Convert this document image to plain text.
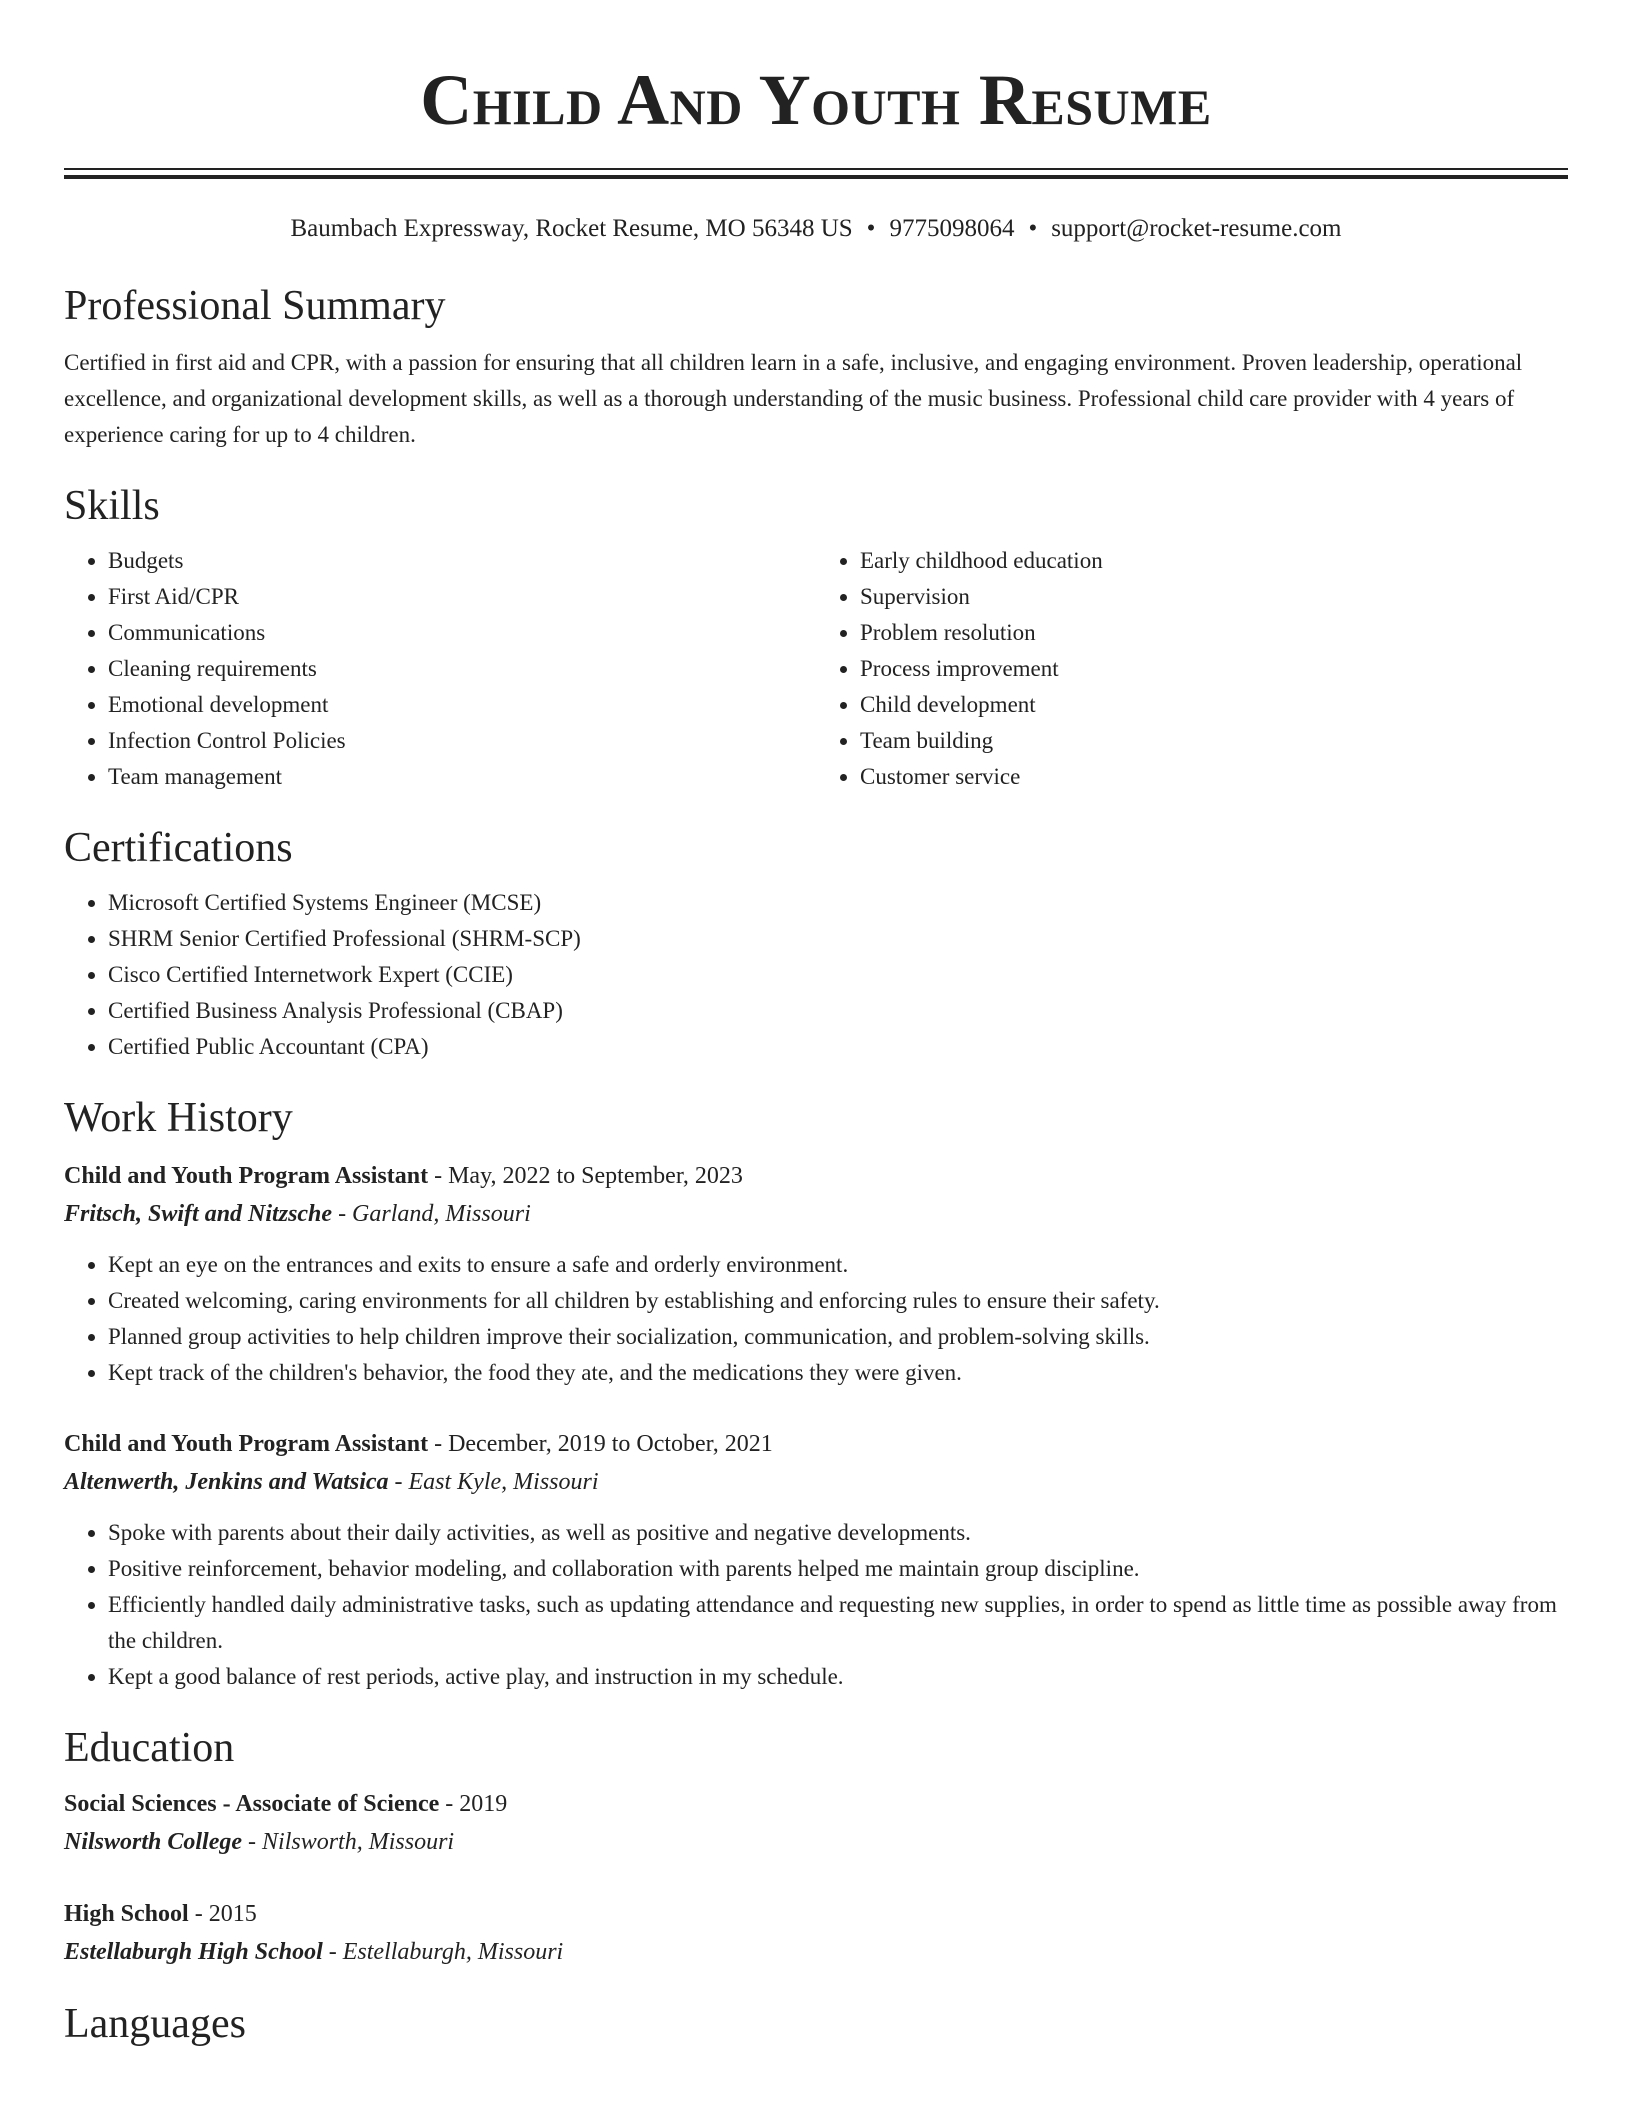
Child And Youth Resume
Baumbach Expressway, Rocket Resume, MO 56348 US • 9775098064 • support@rocket-resume.com
Professional Summary

Certified in first aid and CPR, with a passion for ensuring that all children learn in a safe, inclusive, and engaging environment. Proven leadership, operational excellence, and organizational development skills, as well as a thorough understanding of the music business. Professional child care provider with 4 years of experience caring for up to 4 children.

Skills
• Budgets
• First Aid/CPR
• Communications
• Cleaning requirements
• Emotional development
• Infection Control Policies
• Team management
• Early childhood education
• Supervision
• Problem resolution
• Process improvement
• Child development
• Team building
• Customer service
Certifications
• Microsoft Certified Systems Engineer (MCSE)
• SHRM Senior Certified Professional (SHRM-SCP)
• Cisco Certified Internetwork Expert (CCIE)
• Certified Business Analysis Professional (CBAP)
• Certified Public Accountant (CPA)
Work History
Child and Youth Program Assistant - May, 2022 to September, 2023
Fritsch, Swift and Nitzsche - Garland, Missouri
• Kept an eye on the entrances and exits to ensure a safe and orderly environment.
• Created welcoming, caring environments for all children by establishing and enforcing rules to ensure their safety.
• Planned group activities to help children improve their socialization, communication, and problem-solving skills.
• Kept track of the children's behavior, the food they ate, and the medications they were given.
Child and Youth Program Assistant - December, 2019 to October, 2021
Altenwerth, Jenkins and Watsica - East Kyle, Missouri
• Spoke with parents about their daily activities, as well as positive and negative developments.
• Positive reinforcement, behavior modeling, and collaboration with parents helped me maintain group discipline.
• Efficiently handled daily administrative tasks, such as updating attendance and requesting new supplies, in order to spend as little time as possible away from the children.
• Kept a good balance of rest periods, active play, and instruction in my schedule.
Education
Social Sciences - Associate of Science - 2019
Nilsworth College - Nilsworth, Missouri
High School - 2015
Estellaburgh High School - Estellaburgh, Missouri
Languages
